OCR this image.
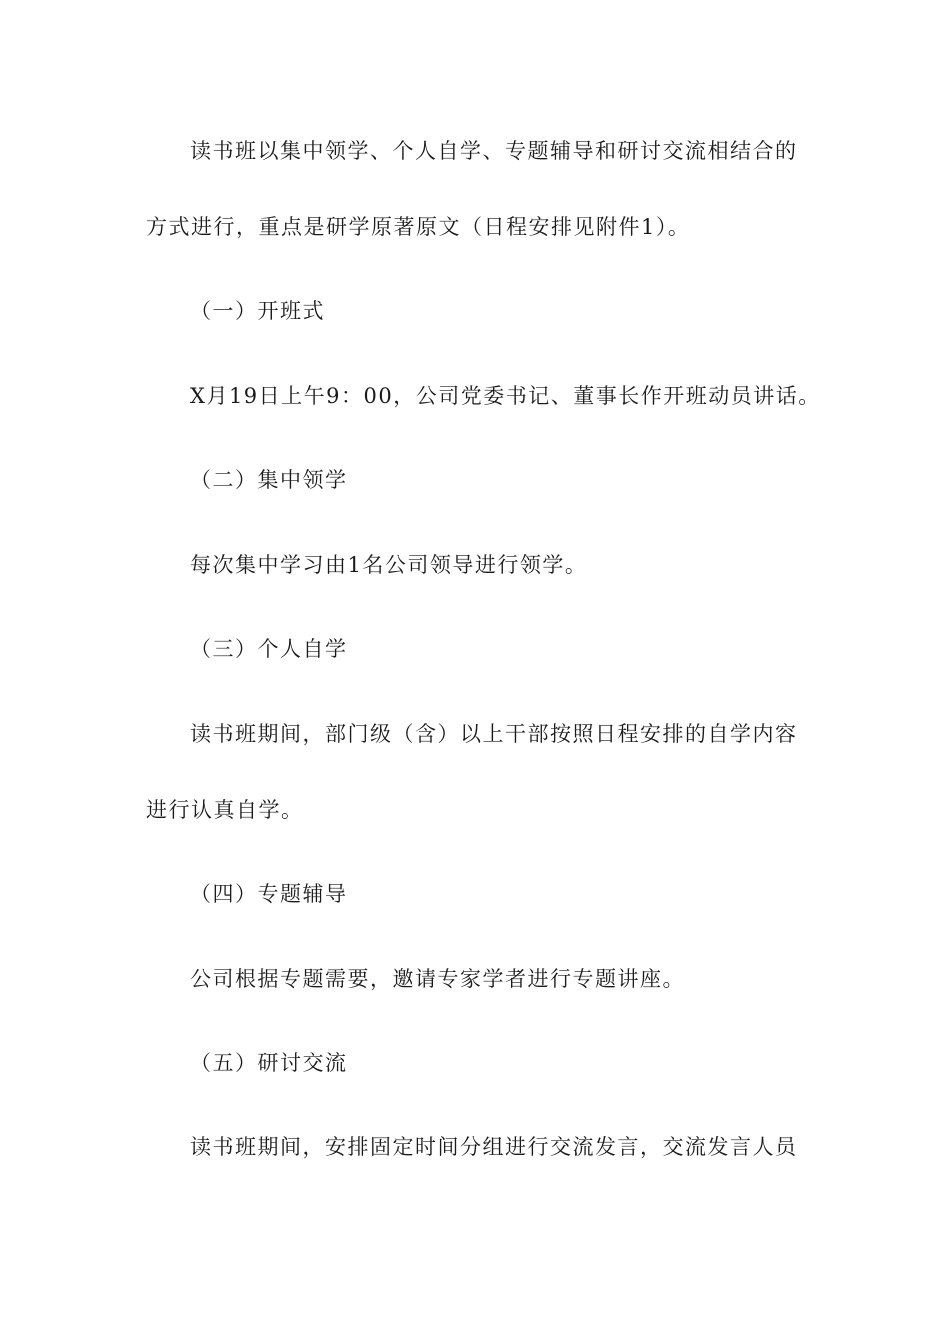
读书班以集中领学、个人自学、专题辅导和研讨交流相结合的
方式进行，重点是研学原著原文（日程安排见附件1）。
（一）开班式
X月19日上午9：00，公司党委书记、董事长作开班动员讲话。
（二）集中领学
每次集中学习由1名公司领导进行领学。
（三）个人自学
读书班期间，部门级（含）以上干部按照日程安排的自学内容
进行认真自学。
（四）专题辅导
公司根据专题需要，邀请专家学者进行专题讲座。
（五）研讨交流
读书班期间，安排固定时间分组进行交流发言，交流发言人员
